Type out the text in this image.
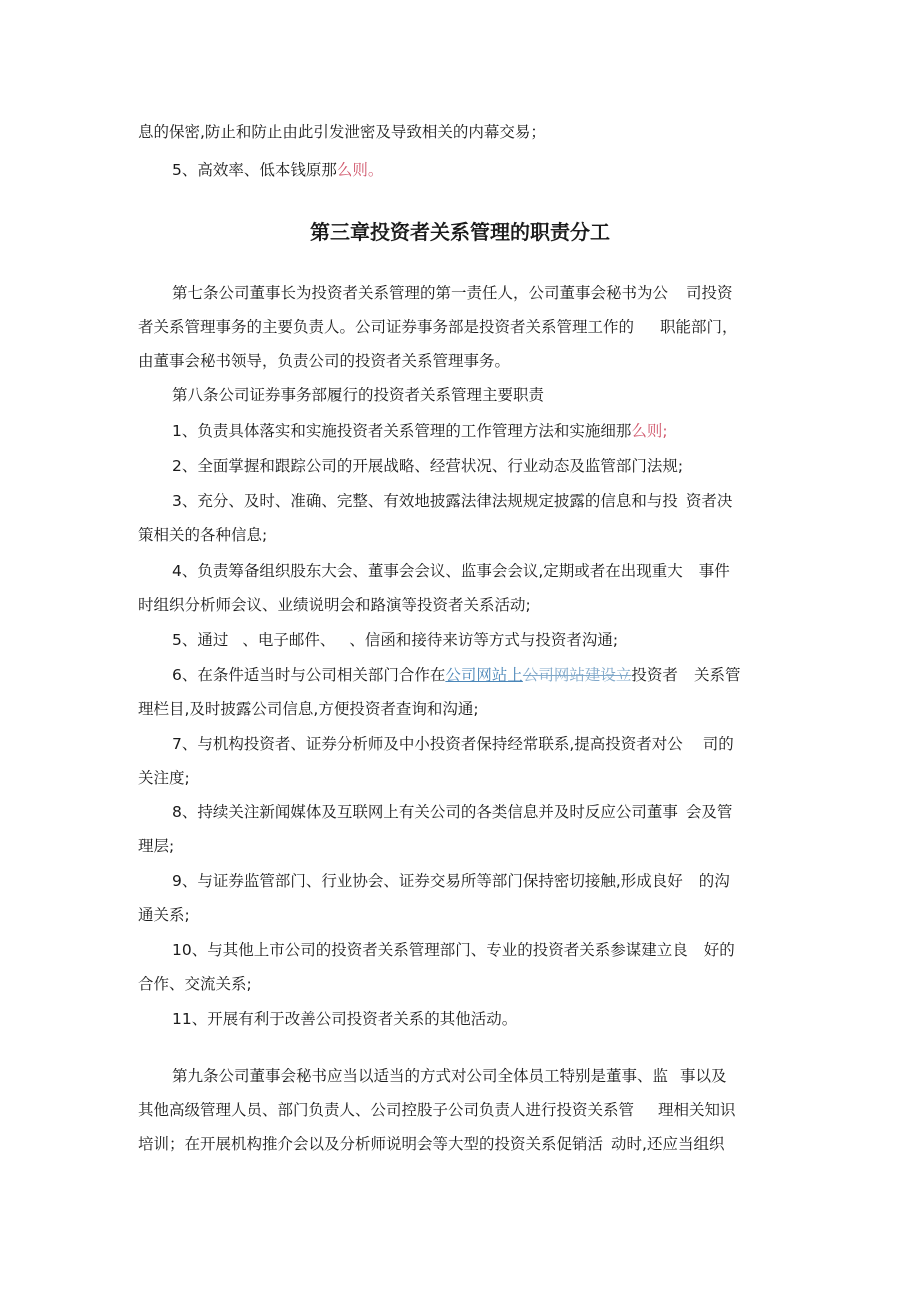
息的保密,防止和防止由此引发泄密及导致相关的内幕交易；
5、高效率、低本钱原那么则。
第三章投资者关系管理的职责分工
第七条公司董事长为投资者关系管理的第一责任人，公司董事会秘书为公 司投资
者关系管理事务的主要负责人。公司证券事务部是投资者关系管理工作的 职能部门，
由董事会秘书领导，负责公司的投资者关系管理事务。
第八条公司证券事务部履行的投资者关系管理主要职责
1、负责具体落实和实施投资者关系管理的工作管理方法和实施细那么则;
2、全面掌握和跟踪公司的开展战略、经营状况、行业动态及监管部门法规;
3、充分、及时、准确、完整、有效地披露法律法规规定披露的信息和与投 资者决
策相关的各种信息;
4、负责筹备组织股东大会、董事会会议、监事会会议,定期或者在出现重大 事件
时组织分析师会议、业绩说明会和路演等投资者关系活动;
5、通过 、电子邮件、 、信函和接待来访等方式与投资者沟通;
6、在条件适当时与公司相关部门合作在公司网站上公司网站建设立投资者 关系管
理栏目,及时披露公司信息,方便投资者查询和沟通;
7、与机构投资者、证券分析师及中小投资者保持经常联系,提高投资者对公 司的
关注度;
8、持续关注新闻媒体及互联网上有关公司的各类信息并及时反应公司董事 会及管
理层;
9、与证券监管部门、行业协会、证券交易所等部门保持密切接触,形成良好 的沟
通关系;
10、与其他上市公司的投资者关系管理部门、专业的投资者关系参谋建立良 好的
合作、交流关系;
11、开展有利于改善公司投资者关系的其他活动。
第九条公司董事会秘书应当以适当的方式对公司全体员工特别是董事、监 事以及
其他高级管理人员、部门负责人、公司控股子公司负责人进行投资关系管 理相关知识
培训；在开展机构推介会以及分析师说明会等大型的投资关系促销活 动时,还应当组织
